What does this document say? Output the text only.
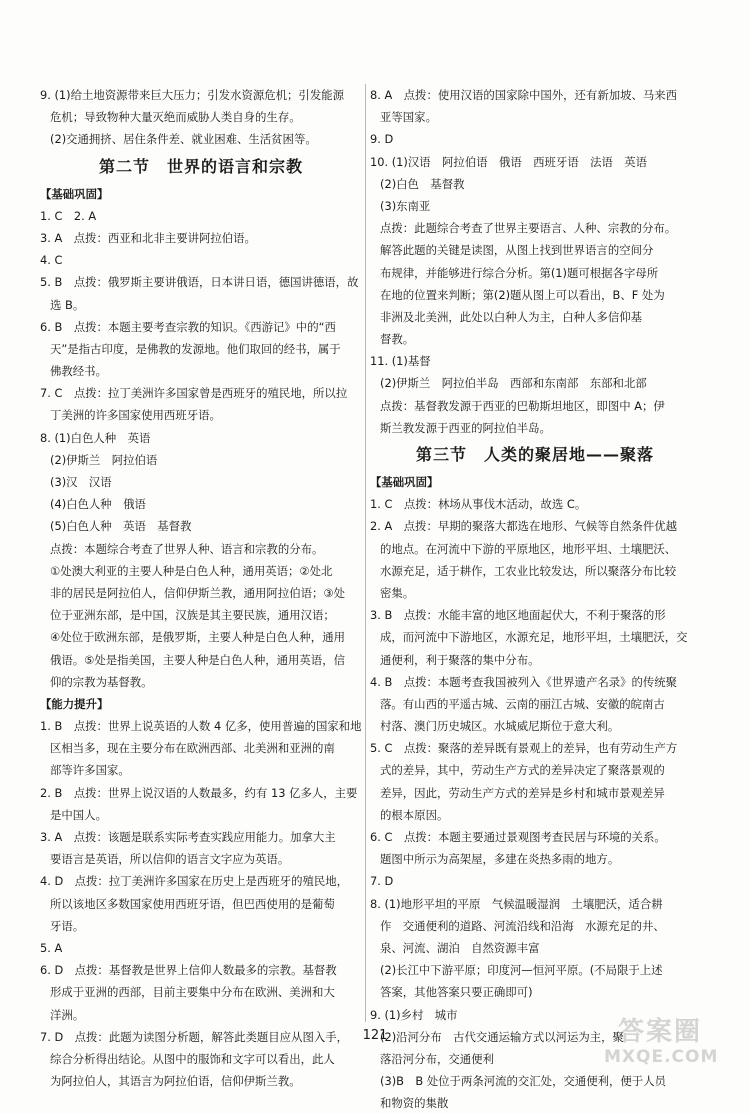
9. (1)给土地资源带来巨大压力；引发水资源危机；引发能源
危机；导致物种大量灭绝而威胁人类自身的生存。
(2)交通拥挤、居住条件差、就业困难、生活贫困等。
第二节　世界的语言和宗教
【基础巩固】
1. C　2. A
3. A　点拨：西亚和北非主要讲阿拉伯语。
4. C
5. B　点拨：俄罗斯主要讲俄语，日本讲日语，德国讲德语，故
选 B。
6. B　点拨：本题主要考查宗教的知识。《西游记》中的“西
天”是指古印度，是佛教的发源地。他们取回的经书，属于
佛教经书。
7. C　点拨：拉丁美洲许多国家曾是西班牙的殖民地，所以拉
丁美洲的许多国家使用西班牙语。
8. (1)白色人种　英语
(2)伊斯兰　阿拉伯语
(3)汉　汉语
(4)白色人种　俄语
(5)白色人种　英语　基督教
点拨：本题综合考查了世界人种、语言和宗教的分布。
①处澳大利亚的主要人种是白色人种，通用英语；②处北
非的居民是阿拉伯人，信仰伊斯兰教，通用阿拉伯语；③处
位于亚洲东部，是中国，汉族是其主要民族，通用汉语；
④处位于欧洲东部，是俄罗斯，主要人种是白色人种，通用
俄语。⑤处是指美国，主要人种是白色人种，通用英语，信
仰的宗教为基督教。
【能力提升】
1. B　点拨：世界上说英语的人数 4 亿多，使用普遍的国家和地
区相当多，现在主要分布在欧洲西部、北美洲和亚洲的南
部等许多国家。
2. B　点拨：世界上说汉语的人数最多，约有 13 亿多人，主要
是中国人。
3. A　点拨：该题是联系实际考查实践应用能力。加拿大主
要语言是英语，所以信仰的语言文字应为英语。
4. D　点拨：拉丁美洲许多国家在历史上是西班牙的殖民地，
所以该地区多数国家使用西班牙语，但巴西使用的是葡萄
牙语。
5. A
6. D　点拨：基督教是世界上信仰人数最多的宗教。基督教
形成于亚洲的西部，目前主要集中分布在欧洲、美洲和大
洋洲。
7. D　点拨：此题为读图分析题，解答此类题目应从图入手，
综合分析得出结论。从图中的服饰和文字可以看出，此人
为阿拉伯人，其语言为阿拉伯语，信仰伊斯兰教。
8. A　点拨：使用汉语的国家除中国外，还有新加坡、马来西
亚等国家。
9. D
10. (1)汉语　阿拉伯语　俄语　西班牙语　法语　英语
(2)白色　基督教
(3)东南亚
点拨：此题综合考查了世界主要语言、人种、宗教的分布。
解答此题的关键是读图，从图上找到世界语言的空间分
布规律，并能够进行综合分析。第(1)题可根据各字母所
在地的位置来判断；第(2)题从图上可以看出，B、F 处为
非洲及北美洲，此处以白种人为主，白种人多信仰基
督教。
11. (1)基督
(2)伊斯兰　阿拉伯半岛　西部和东南部　东部和北部
点拨：基督教发源于西亚的巴勒斯坦地区，即图中 A；伊
斯兰教发源于西亚的阿拉伯半岛。
第三节　人类的聚居地——聚落
【基础巩固】
1. C　点拨：林场从事伐木活动，故选 C。
2. A　点拨：早期的聚落大都选在地形、气候等自然条件优越
的地点。在河流中下游的平原地区，地形平坦、土壤肥沃、
水源充足，适于耕作，工农业比较发达，所以聚落分布比较
密集。
3. B　点拨：水能丰富的地区地面起伏大，不利于聚落的形
成，而河流中下游地区，水源充足，地形平坦，土壤肥沃，交
通便利，利于聚落的集中分布。
4. B　点拨：本题考查我国被列入《世界遗产名录》的传统聚
落。有山西的平遥古城、云南的丽江古城、安徽的皖南古
村落、澳门历史城区。水城威尼斯位于意大利。
5. C　点拨：聚落的差异既有景观上的差异，也有劳动生产方
式的差异，其中，劳动生产方式的差异决定了聚落景观的
差异，因此，劳动生产方式的差异是乡村和城市景观差异
的根本原因。
6. C　点拨：本题主要通过景观图考查民居与环境的关系。
题图中所示为高架屋，多建在炎热多雨的地方。
7. D
8. (1)地形平坦的平原　气候温暖湿润　土壤肥沃，适合耕
作　交通便利的道路、河流沿线和沿海　水源充足的井、
泉、河流、湖泊　自然资源丰富
(2)长江中下游平原；印度河—恒河平原。(不局限于上述
答案，其他答案只要正确即可)
9. (1)乡村　城市
(2)沿河分布　古代交通运输方式以河运为主，聚
落沿河分布，交通便利
(3)B　B 处位于两条河流的交汇处，交通便利，便于人员
和物资的集散
121	答案圈
MXQE.COM
